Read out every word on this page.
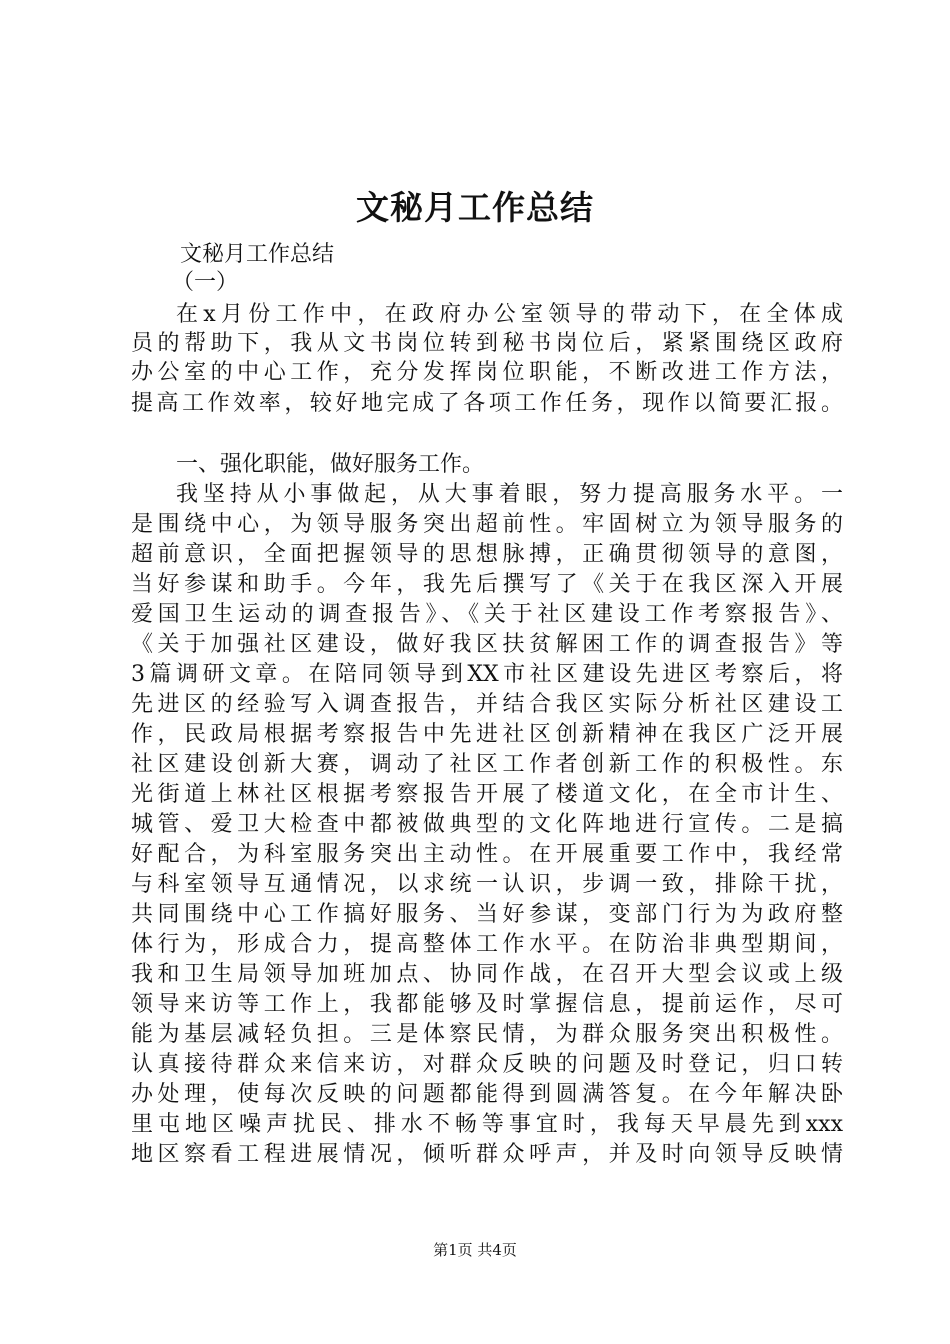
文秘月工作总结
文秘月工作总结
（一）
在x月份工作中，在政府办公室领导的带动下，在全体成
员的帮助下，我从文书岗位转到秘书岗位后，紧紧围绕区政府
办公室的中心工作，充分发挥岗位职能，不断改进工作方法，
提高工作效率，较好地完成了各项工作任务，现作以简要汇报。
一、强化职能，做好服务工作。
我坚持从小事做起，从大事着眼，努力提高服务水平。一
是围绕中心，为领导服务突出超前性。牢固树立为领导服务的
超前意识，全面把握领导的思想脉搏，正确贯彻领导的意图，
当好参谋和助手。今年，我先后撰写了《关于在我区深入开展
爱国卫生运动的调查报告》、《关于社区建设工作考察报告》、
《关于加强社区建设，做好我区扶贫解困工作的调查报告》等
3篇调研文章。在陪同领导到XX市社区建设先进区考察后，将
先进区的经验写入调查报告，并结合我区实际分析社区建设工
作，民政局根据考察报告中先进社区创新精神在我区广泛开展
社区建设创新大赛，调动了社区工作者创新工作的积极性。东
光街道上林社区根据考察报告开展了楼道文化，在全市计生、
城管、爱卫大检查中都被做典型的文化阵地进行宣传。二是搞
好配合，为科室服务突出主动性。在开展重要工作中，我经常
与科室领导互通情况，以求统一认识，步调一致，排除干扰，
共同围绕中心工作搞好服务、当好参谋，变部门行为为政府整
体行为，形成合力，提高整体工作水平。在防治非典型期间，
我和卫生局领导加班加点、协同作战，在召开大型会议或上级
领导来访等工作上，我都能够及时掌握信息，提前运作，尽可
能为基层减轻负担。三是体察民情，为群众服务突出积极性。
认真接待群众来信来访，对群众反映的问题及时登记，归口转
办处理，使每次反映的问题都能得到圆满答复。在今年解决卧
里屯地区噪声扰民、排水不畅等事宜时，我每天早晨先到xxx
地区察看工程进展情况，倾听群众呼声，并及时向领导反映情
第1页 共4页
